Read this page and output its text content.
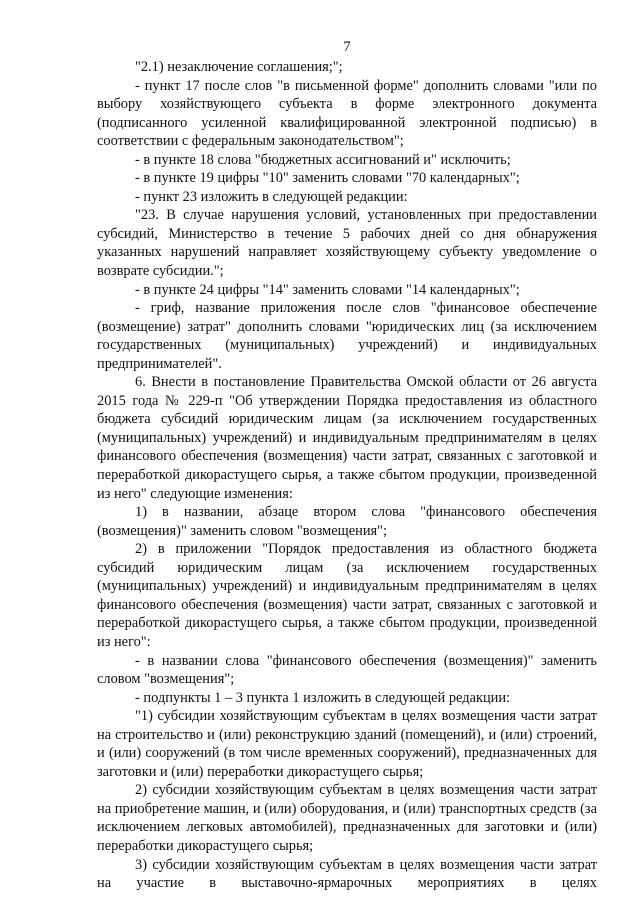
7

"2.1) незаключение соглашения;";

- пункт 17 после слов "в письменной форме" дополнить словами "или по выбору хозяйствующего субъекта в форме электронного документа (подписанного усиленной квалифицированной электронной подписью) в соответствии с федеральным законодательством";

- в пункте 18 слова "бюджетных ассигнований и" исключить;

- в пункте 19 цифры "10" заменить словами "70 календарных";

- пункт 23 изложить в следующей редакции:

"23. В случае нарушения условий, установленных при предоставлении субсидий, Министерство в течение 5 рабочих дней со дня обнаружения указанных нарушений направляет хозяйствующему субъекту уведомление о возврате субсидии.";

- в пункте 24 цифры "14" заменить словами "14 календарных";

- гриф, название приложения после слов "финансовое обеспечение (возмещение) затрат" дополнить словами "юридических лиц (за исключением государственных (муниципальных) учреждений) и индивидуальных предпринимателей".

6. Внести в постановление Правительства Омской области от 26 августа 2015 года № 229-п "Об утверждении Порядка предоставления из областного бюджета субсидий юридическим лицам (за исключением государственных (муниципальных) учреждений) и индивидуальным предпринимателям в целях финансового обеспечения (возмещения) части затрат, связанных с заготовкой и переработкой дикорастущего сырья, а также сбытом продукции, произведенной из него" следующие изменения:

1) в названии, абзаце втором слова "финансового обеспечения (возмещения)" заменить словом "возмещения";

2) в приложении "Порядок предоставления из областного бюджета субсидий юридическим лицам (за исключением государственных (муниципальных) учреждений) и индивидуальным предпринимателям в целях финансового обеспечения (возмещения) части затрат, связанных с заготовкой и переработкой дикорастущего сырья, а также сбытом продукции, произведенной из него":

- в названии слова "финансового обеспечения (возмещения)" заменить словом "возмещения";

- подпункты 1 – 3 пункта 1 изложить в следующей редакции:

"1) субсидии хозяйствующим субъектам в целях возмещения части затрат на строительство и (или) реконструкцию зданий (помещений), и (или) строений, и (или) сооружений (в том числе временных сооружений), предназначенных для заготовки и (или) переработки дикорастущего сырья;

2) субсидии хозяйствующим субъектам в целях возмещения части затрат на приобретение машин, и (или) оборудования, и (или) транспортных средств (за исключением легковых автомобилей), предназначенных для заготовки и (или) переработки дикорастущего сырья;

3) субсидии хозяйствующим субъектам в целях возмещения части затрат на участие в выставочно-ярмарочных мероприятиях в целях
